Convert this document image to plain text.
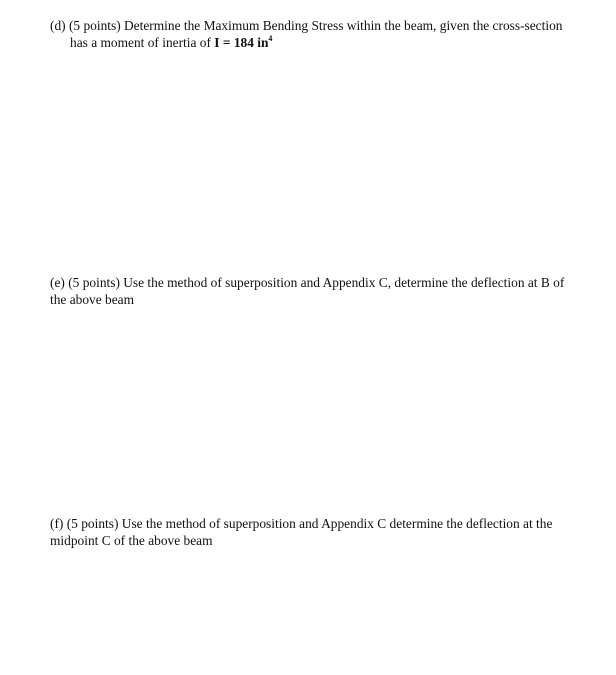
(d) (5 points) Determine the Maximum Bending Stress within the beam, given the cross-section
has a moment of inertia of I = 184 $in^4$
(e) (5 points) Use the method of superposition and Appendix C, determine the deflection at B of
the above beam
(f) (5 points) Use the method of superposition and Appendix C determine the deflection at the
midpoint C of the above beam
